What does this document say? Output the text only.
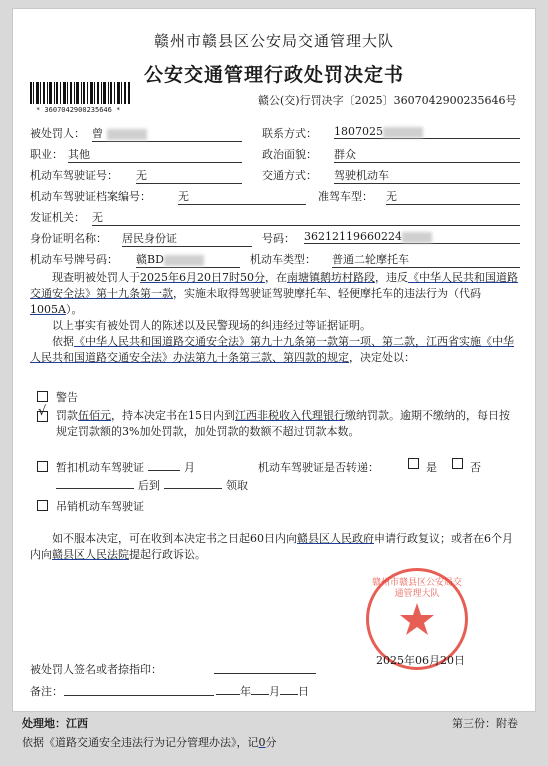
赣州市赣县区公安局交通管理大队
公安交通管理行政处罚决定书
* 3607042900235646 *
赣公(交)行罚决字〔2025〕3607042900235646号
被处罚人： 曾	联系方式： 1807025
职业： 其他	政治面貌： 群众
机动车驾驶证号： 无	交通方式： 驾驶机动车
机动车驾驶证档案编号： 无	准驾车型： 无
发证机关： 无
身份证明名称： 居民身份证	号码： 36212119660224
机动车号牌号码： 赣BD	机动车类型： 普通二轮摩托车
现查明被处罚人于2025年6月20日7时50分，在南塘镇鹅坊村路段，违反《中华人民共和国道路交通安全法》第十九条第一款，实施未取得驾驶证驾驶摩托车、轻便摩托车的违法行为（代码1005A）。
以上事实有被处罚人的陈述以及民警现场的纠违经过等证据证明。
依据《中华人民共和国道路交通安全法》第九十九条第一款第一项、第二款，江西省实施《中华人民共和国道路交通安全法》办法第九十条第三款、第四款的规定，决定处以：
警告
√ 罚款伍佰元，持本决定书在15日内到江西非税收入代理银行缴纳罚款。逾期不缴纳的，每日按规定罚款额的3%加处罚款，加处罚款的数额不超过罚款本数。
暂扣机动车驾驶证	月
后到	领取
机动车驾驶证是否转递：	是	否
吊销机动车驾驶证
如不服本决定，可在收到本决定书之日起60日内向赣县区人民政府申请行政复议；或者在6个月内向赣县区人民法院提起行政诉讼。
赣州市赣县区公安局交通管理大队
2025年06月20日
被处罚人签名或者捺指印：
备注：	年 月 日
处理地：江西	第三份：附卷
依据《道路交通安全违法行为记分管理办法》，记0分
